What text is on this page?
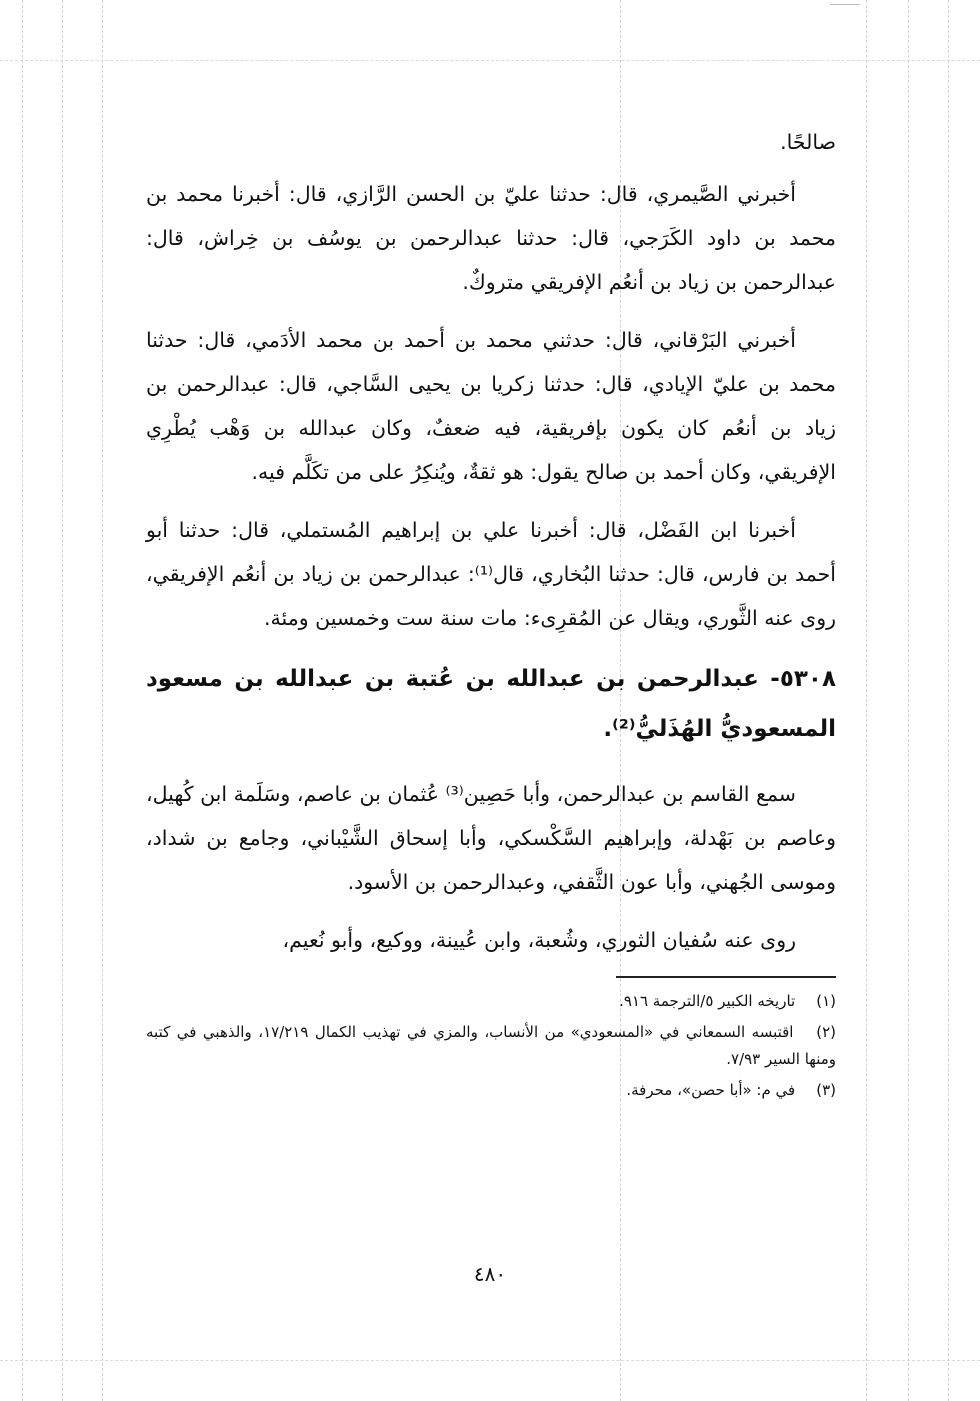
صالحًا.

أخبرني الصَّيمري، قال: حدثنا عليّ بن الحسن الرَّازي، قال: أخبرنا محمد بن محمد بن داود الكَرَجي، قال: حدثنا عبدالرحمن بن يوسُف بن خِراش، قال: عبدالرحمن بن زياد بن أنعُم الإفريقي متروكٌ.

أخبرني البَرْقاني، قال: حدثني محمد بن أحمد بن محمد الأدَمي، قال: حدثنا محمد بن عليّ الإيادي، قال: حدثنا زكريا بن يحيى السَّاجي، قال: عبدالرحمن بن زياد بن أنعُم كان يكون بإفريقية، فيه ضعفٌ، وكان عبدالله بن وَهْب يُطْرِي الإفريقي، وكان أحمد بن صالح يقول: هو ثقةٌ، ويُنكِرُ على من تكَلَّم فيه.

أخبرنا ابن الفَضْل، قال: أخبرنا علي بن إبراهيم المُستملي، قال: حدثنا أبو أحمد بن فارس، قال: حدثنا البُخاري، قال⁽¹⁾: عبدالرحمن بن زياد بن أنعُم الإفريقي، روى عنه الثَّوري، ويقال عن المُقرِىء: مات سنة ست وخمسين ومئة.

٥٣٠٨- عبدالرحمن بن عبدالله بن عُتبة بن عبدالله بن مسعود المسعوديُّ الهُذَليُّ⁽²⁾.

سمع القاسم بن عبدالرحمن، وأبا حَصِين⁽³⁾ عُثمان بن عاصم، وسَلَمة ابن كُهيل، وعاصم بن بَهْدلة، وإبراهيم السَّكْسكي، وأبا إسحاق الشَّيْباني، وجامع بن شداد، وموسى الجُهني، وأبا عون الثَّقفي، وعبدالرحمن بن الأسود.

روى عنه سُفيان الثوري، وشُعبة، وابن عُيينة، ووكيع، وأبو نُعيم،

(١) تاريخه الكبير ٥/الترجمة ٩١٦.

(٢) اقتبسه السمعاني في «المسعودي» من الأنساب، والمزي في تهذيب الكمال ١٧/٢١٩، والذهبي في كتبه ومنها السير ٧/٩٣.

(٣) في م: «أبا حصن»، محرفة.

٤٨٠
